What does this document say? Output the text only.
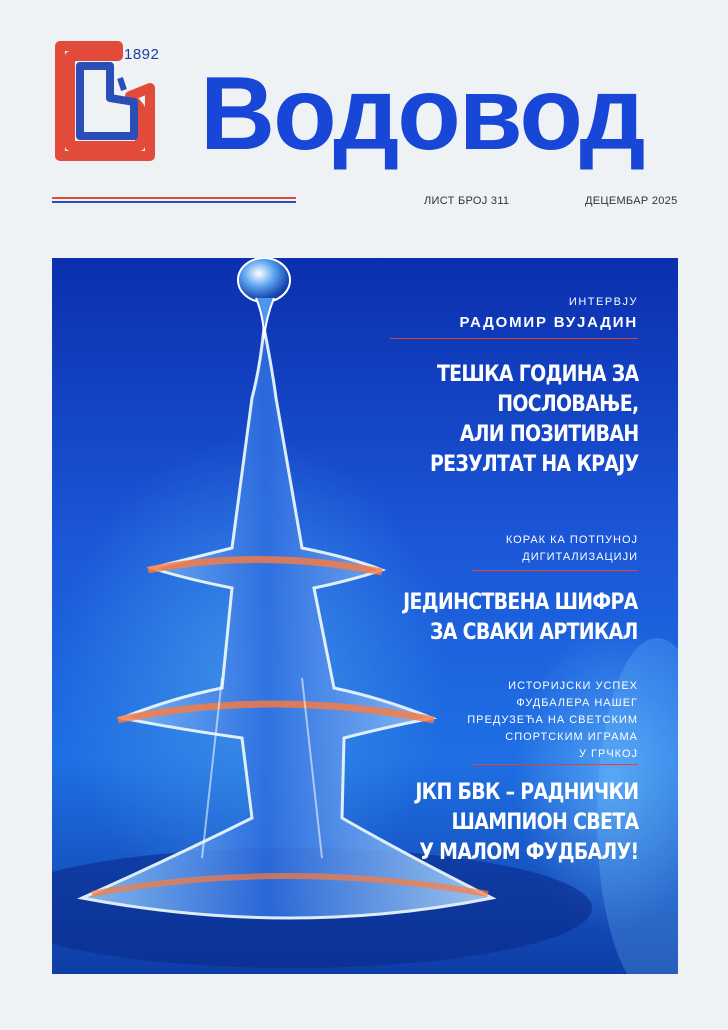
1892
Водовод
ЛИСТ БРОЈ 311	ДЕЦЕМБАР 2025
ИНТЕРВЈУ
РАДОМИР ВУЈАДИН
ТЕШКА ГОДИНА ЗА
ПОСЛОВАЊЕ,
АЛИ ПОЗИТИВАН
РЕЗУЛТАТ НА КРАЈУ
КОРАК КА ПОТПУНОЈ
ДИГИТАЛИЗАЦИЈИ
ЈЕДИНСТВЕНА ШИФРА
ЗА СВАКИ АРТИКАЛ
ИСТОРИЈСКИ УСПЕХ
ФУДБАЛЕРА НАШЕГ
ПРЕДУЗЕЋА НА СВЕТСКИМ
СПОРТСКИМ ИГРАМА
У ГРЧКОЈ
ЈКП БВК – РАДНИЧКИ
ШАМПИОН СВЕТА
У МАЛОМ ФУДБАЛУ!
